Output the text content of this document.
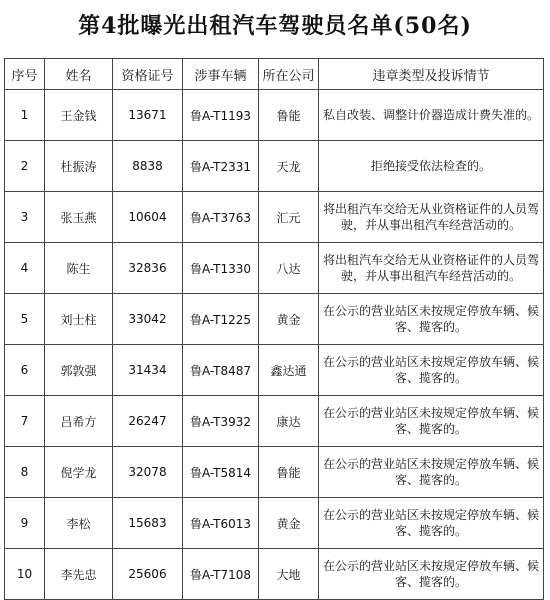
第4批曝光出租汽车驾驶员名单(50名)
序号	姓名	资格证号	涉事车辆	所在公司	违章类型及投诉情节
1	王金钱	13671	鲁A-T1193	鲁能	私自改装、调整计价器造成计费失准的。
2	杜振涛	8838	鲁A-T2331	天龙	拒绝接受依法检查的。
3	张玉燕	10604	鲁A-T3763	汇元	将出租汽车交给无从业资格证件的人员驾驶，并从事出租汽车经营活动的。
4	陈生	32836	鲁A-T1330	八达	将出租汽车交给无从业资格证件的人员驾驶，并从事出租汽车经营活动的。
5	刘士柱	33042	鲁A-T1225	黄金	在公示的营业站区未按规定停放车辆、候客、揽客的。
6	郭敦强	31434	鲁A-T8487	鑫达通	在公示的营业站区未按规定停放车辆、候客、揽客的。
7	吕希方	26247	鲁A-T3932	康达	在公示的营业站区未按规定停放车辆、候客、揽客的。
8	倪学龙	32078	鲁A-T5814	鲁能	在公示的营业站区未按规定停放车辆、候客、揽客的。
9	李松	15683	鲁A-T6013	黄金	在公示的营业站区未按规定停放车辆、候客、揽客的。
10	李先忠	25606	鲁A-T7108	大地	在公示的营业站区未按规定停放车辆、候客、揽客的。
